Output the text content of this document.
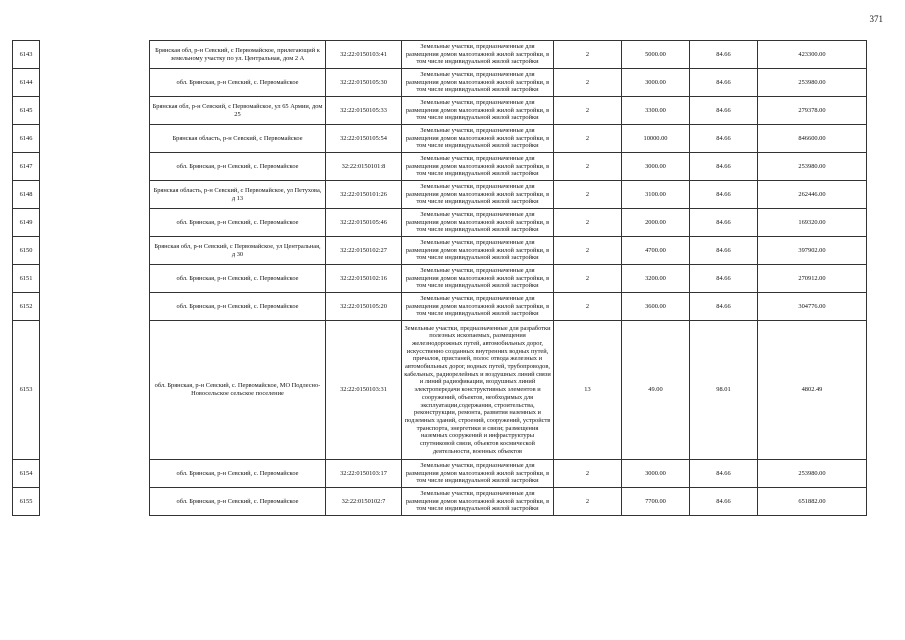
371
6143		Брянская обл, р-н Севский, с Первомайское, прилегающий к земельному участку по ул. Центральная, дом 2 А	32:22:0150103:41	Земельные участки, предназначенные для размещения домов малоэтажной жилой застройки, в том числе индивидуальной жилой застройки	2	5000.00	84.66	423300.00
6144		обл. Брянская, р-н Севский, с. Первомайское	32:22:0150105:30	Земельные участки, предназначенные для размещения домов малоэтажной жилой застройки, в том числе индивидуальной жилой застройки	2	3000.00	84.66	253980.00
6145		Брянская обл, р-н Севский, с Первомайское, ул 65 Армии, дом 25	32:22:0150105:33	Земельные участки, предназначенные для размещения домов малоэтажной жилой застройки, в том числе индивидуальной жилой застройки	2	3300.00	84.66	279378.00
6146		Брянская область, р-н Севский, с Первомайское	32:22:0150105:54	Земельные участки, предназначенные для размещения домов малоэтажной жилой застройки, в том числе индивидуальной жилой застройки	2	10000.00	84.66	846600.00
6147		обл. Брянская, р-н Севский, с. Первомайское	32:22:0150101:8	Земельные участки, предназначенные для размещения домов малоэтажной жилой застройки, в том числе индивидуальной жилой застройки	2	3000.00	84.66	253980.00
6148		Брянская область, р-н Севский, с Первомайское, ул Петухова, д 13	32:22:0150101:26	Земельные участки, предназначенные для размещения домов малоэтажной жилой застройки, в том числе индивидуальной жилой застройки	2	3100.00	84.66	262446.00
6149		обл. Брянская, р-н Севский, с. Первомайское	32:22:0150105:46	Земельные участки, предназначенные для размещения домов малоэтажной жилой застройки, в том числе индивидуальной жилой застройки	2	2000.00	84.66	169320.00
6150		Брянская обл, р-н Севский, с Первомайское, ул Центральная, д 30	32:22:0150102:27	Земельные участки, предназначенные для размещения домов малоэтажной жилой застройки, в том числе индивидуальной жилой застройки	2	4700.00	84.66	397902.00
6151		обл. Брянская, р-н Севский, с. Первомайское	32:22:0150102:16	Земельные участки, предназначенные для размещения домов малоэтажной жилой застройки, в том числе индивидуальной жилой застройки	2	3200.00	84.66	270912.00
6152		обл. Брянская, р-н Севский, с. Первомайское	32:22:0150105:20	Земельные участки, предназначенные для размещения домов малоэтажной жилой застройки, в том числе индивидуальной жилой застройки	2	3600.00	84.66	304776.00
6153		обл. Брянская, р-н Севский, с. Первомайское, МО Подлесно-Новосельское сельское поселение	32:22:0150103:31	Земельные участки, предназначенные для разработки полезных ископаемых, размещения железнодорожных путей, автомобильных дорог, искусственно созданных внутренних водных путей, причалов, пристаней, полос отвода железных и автомобильных дорог, водных путей, трубопроводов, кабельных, радиорелейных и воздушных линий связи и линий радиофикации, воздушных линий электропередачи конструктивных элементов и сооружений, объектов, необходимых для эксплуатации,содержания, строительства, реконструкции, ремонта, развития наземных и подземных зданий, строений, сооружений, устройств транспорта, энергетики и связи; размещения наземных сооружений и инфраструктуры спутниковой связи, объектов космической деятельности, военных объектов	13	49.00	98.01	4802.49
6154		обл. Брянская, р-н Севский, с. Первомайское	32:22:0150103:17	Земельные участки, предназначенные для размещения домов малоэтажной жилой застройки, в том числе индивидуальной жилой застройки	2	3000.00	84.66	253980.00
6155		обл. Брянская, р-н Севский, с. Первомайское	32:22:0150102:7	Земельные участки, предназначенные для размещения домов малоэтажной жилой застройки, в том числе индивидуальной жилой застройки	2	7700.00	84.66	651882.00
